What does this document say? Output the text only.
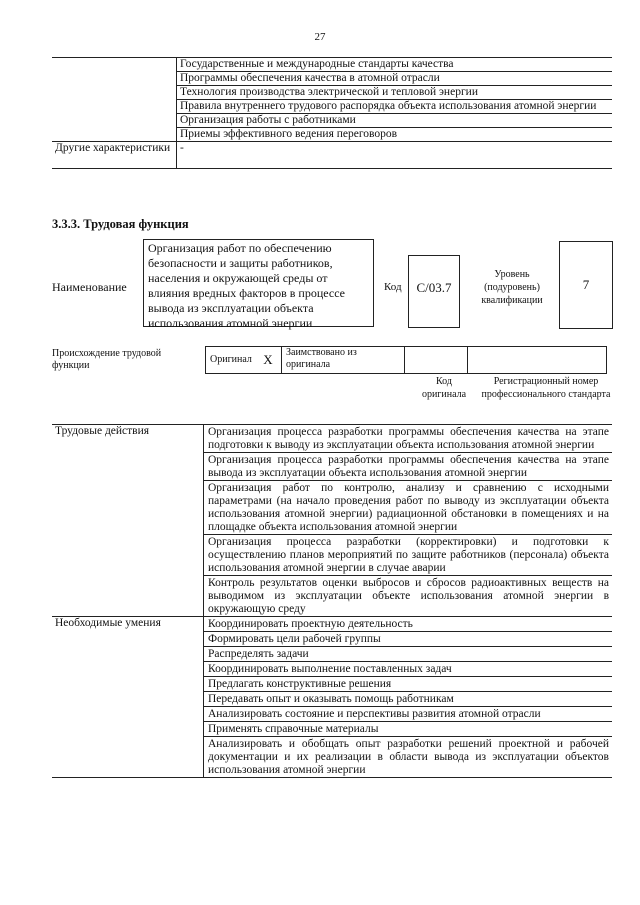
27
	Государственные и международные стандарты качества
	Программы обеспечения качества в атомной отрасли
	Технология производства электрической и тепловой энергии
	Правила внутреннего трудового распорядка объекта использования атомной энергии
	Организация работы с работниками
	Приемы эффективного ведения переговоров
Другие характеристики	-
3.3.3. Трудовая функция
Наименование
Организация работ по обеспечению безопасности и защиты работников, населения и окружающей среды от влияния вредных факторов в процессе вывода из эксплуатации объекта использования атомной энергии
Код	С/03.7
Уровень (подуровень) квалификации
7
Происхождение трудовой функции
Оригинал	X	Заимствовано из оригинала		
Код оригинала
Регистрационный номер профессионального стандарта
Трудовые действия	Организация процесса разработки программы обеспечения качества на этапе подготовки к выводу из эксплуатации объекта использования атомной энергии
	Организация процесса разработки программы обеспечения качества на этапе вывода из эксплуатации объекта использования атомной энергии
	Организация работ по контролю, анализу и сравнению с исходными параметрами (на начало проведения работ по выводу из эксплуатации объекта использования атомной энергии) радиационной обстановки в помещениях и на площадке объекта использования атомной энергии
	Организация процесса разработки (корректировки) и подготовки к осуществлению планов мероприятий по защите работников (персонала) объекта использования атомной энергии в случае аварии
	Контроль результатов оценки выбросов и сбросов радиоактивных веществ на выводимом из эксплуатации объекте использования атомной энергии в окружающую среду
Необходимые умения	Координировать проектную деятельность
	Формировать цели рабочей группы
	Распределять задачи
	Координировать выполнение поставленных задач
	Предлагать конструктивные решения
	Передавать опыт и оказывать помощь работникам
	Анализировать состояние и перспективы развития атомной отрасли
	Применять справочные материалы
	Анализировать и обобщать опыт разработки решений проектной и рабочей документации и их реализации в области вывода из эксплуатации объектов использования атомной энергии
